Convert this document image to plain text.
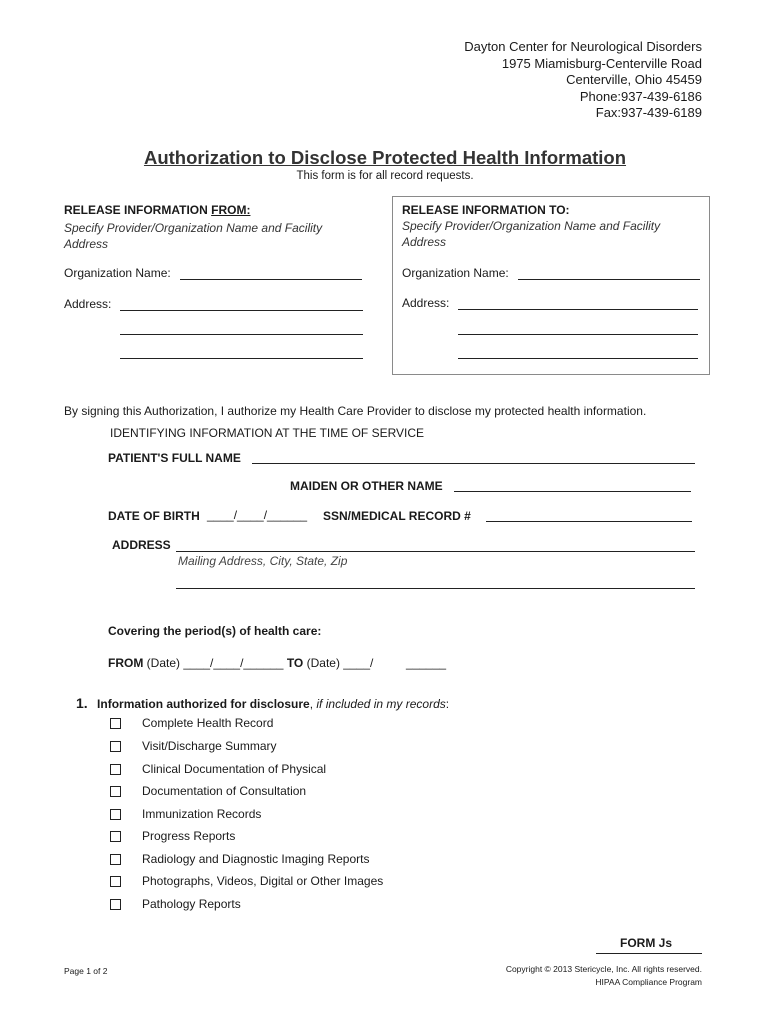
Dayton Center for Neurological Disorders
1975 Miamisburg-Centerville Road
Centerville, Ohio 45459
Phone:937-439-6186
Fax:937-439-6189
Authorization to Disclose Protected Health Information
This form is for all record requests.
RELEASE INFORMATION FROM:
Specify Provider/Organization Name and Facility Address
Organization Name:
Address:
RELEASE INFORMATION TO:
Specify Provider/Organization Name and Facility Address
Organization Name:
Address:
By signing this Authorization, I authorize my Health Care Provider to disclose my protected health information.
IDENTIFYING INFORMATION AT THE TIME OF SERVICE
PATIENT'S FULL NAME
MAIDEN OR OTHER NAME
DATE OF BIRTH ____/____/______ SSN/MEDICAL RECORD #
ADDRESS
Mailing Address, City, State, Zip
Covering the period(s) of health care:
FROM (Date) ____/____/______ TO (Date) ____/	______
1. Information authorized for disclosure, if included in my records:
Complete Health Record
Visit/Discharge Summary
Clinical Documentation of Physical
Documentation of Consultation
Immunization Records
Progress Reports
Radiology and Diagnostic Imaging Reports
Photographs, Videos, Digital or Other Images
Pathology Reports
FORM Js
Page 1 of 2	Copyright © 2013 Stericycle, Inc. All rights reserved.
HIPAA Compliance Program
